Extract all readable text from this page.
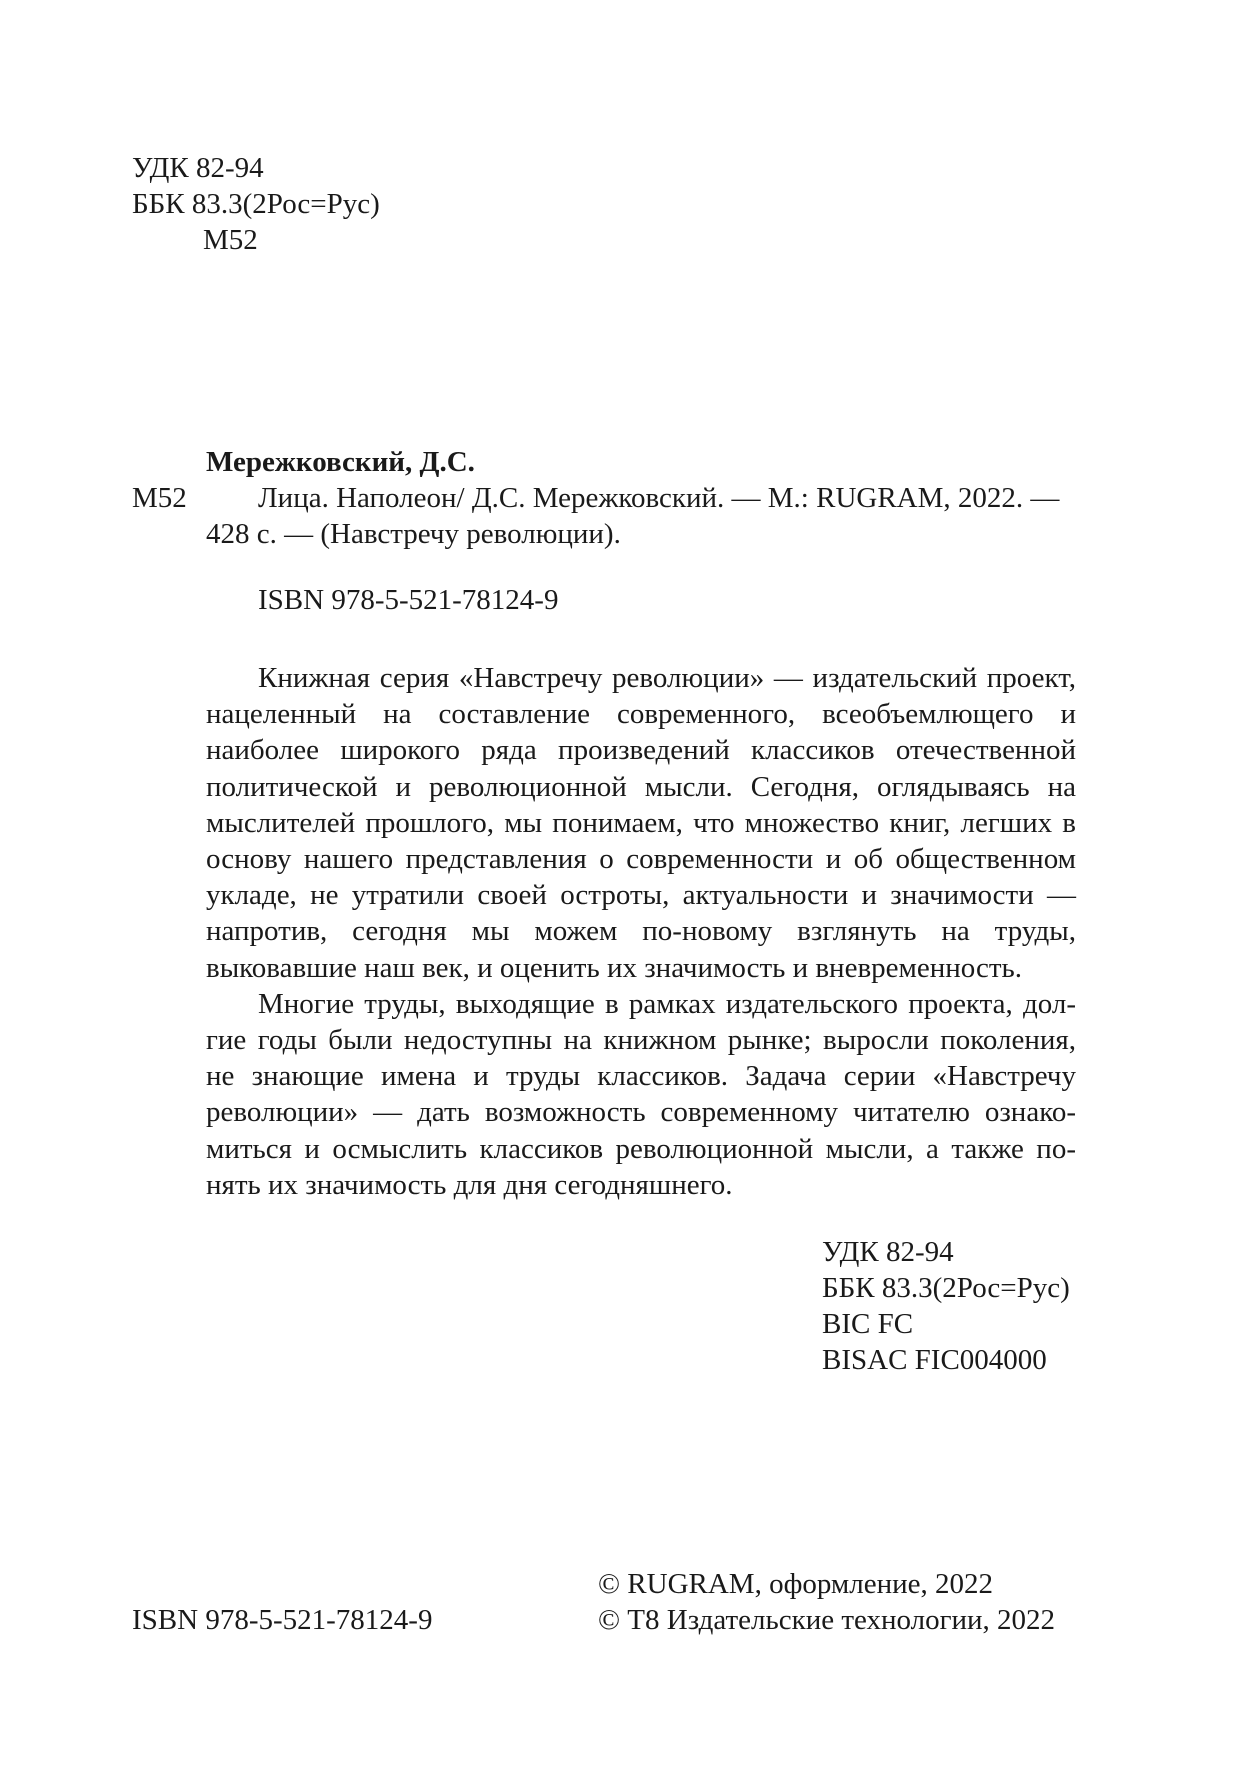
УДК 82-94
ББК 83.3(2Рос=Рус)
М52
Мережковский, Д.С.
М52 Лица. Наполеон/ Д.С. Мережковский. — М.: RUGRAM, 2022. —
428 с. — (Навстречу революции).
ISBN 978-5-521-78124-9

Книжная серия «Навстречу революции» — издательский проект, нацеленный на составление современного, всеобъемлющего и наиболее широкого ряда произведений классиков отечественной политической и революционной мысли. Сегодня, оглядываясь на мыслителей прошлого, мы понимаем, что множество книг, легших в основу нашего представления о современности и об общественном укладе, не утратили своей остроты, актуальности и значимости — напротив, сегодня мы можем по-новому взглянуть на труды, выковавшие наш век, и оценить их значимость и вневременность.

Многие труды, выходящие в рамках издательского проекта, долгие годы были недоступны на книжном рынке; выросли поколения, не знающие имена и труды классиков. Задача серии «Навстречу революции» — дать возможность современному читателю ознакомиться и осмыслить классиков революционной мысли, а также понять их значимость для дня сегодняшнего.

УДК 82-94
ББК 83.3(2Рос=Рус)
BIC FC
BISAC FIC004000
ISBN 978-5-521-78124-9
© RUGRAM, оформление, 2022
© Т8 Издательские технологии, 2022
